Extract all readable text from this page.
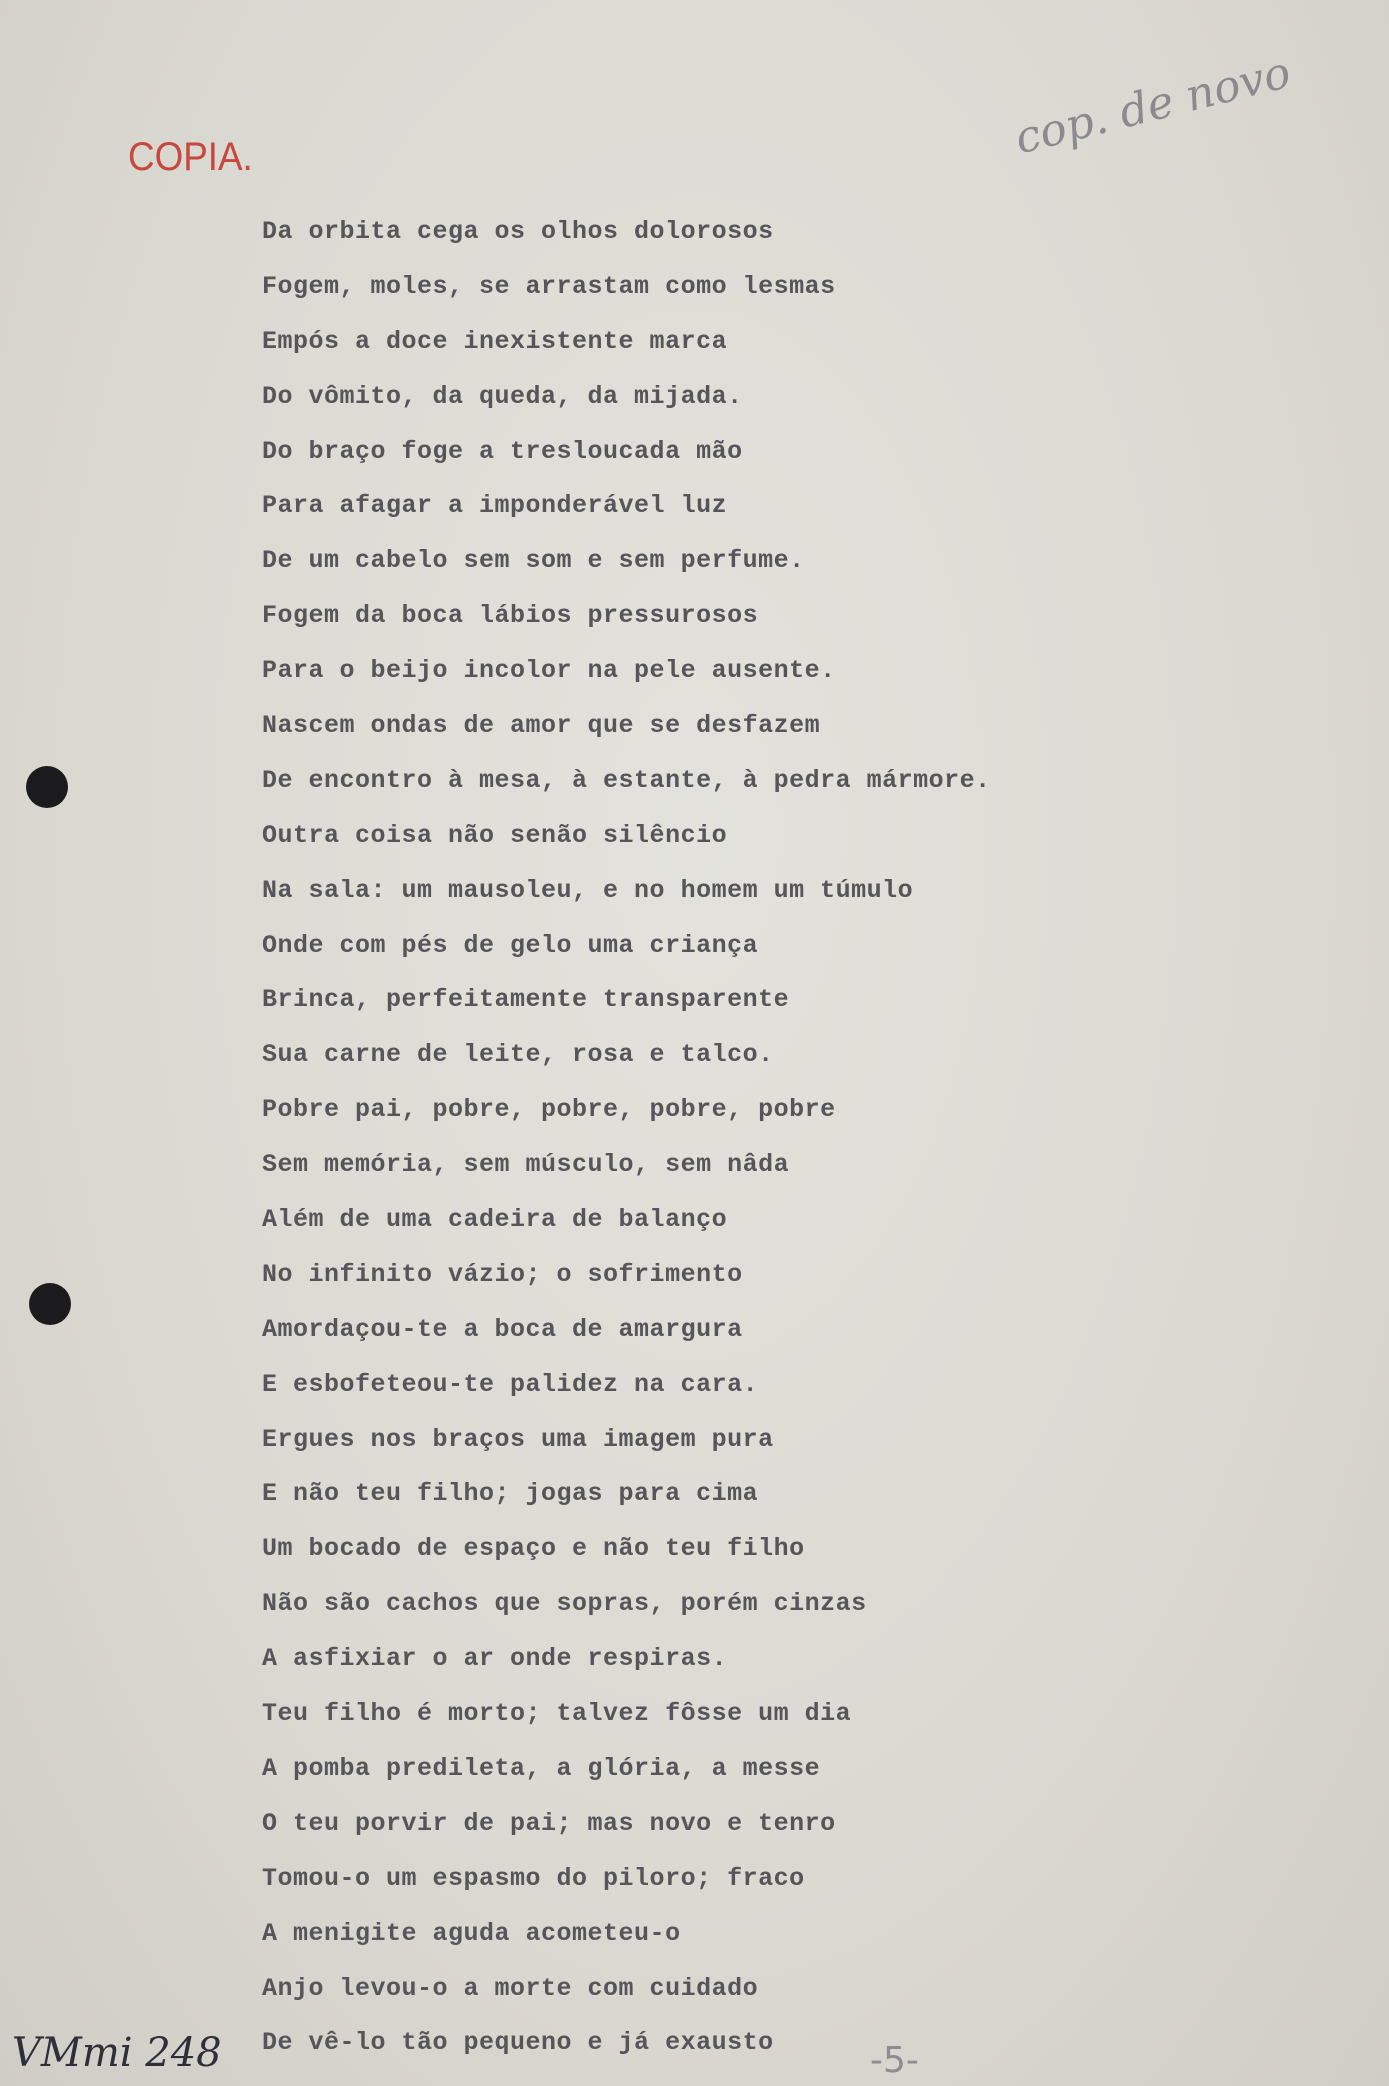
COPIA.	cop. de novo
Da orbita cega os olhos dolorosos
Fogem, moles, se arrastam como lesmas
Empós a doce inexistente marca
Do vômito, da queda, da mijada.
Do braço foge a tresloucada mão
Para afagar a imponderável luz
De um cabelo sem som e sem perfume.
Fogem da boca lábios pressurosos
Para o beijo incolor na pele ausente.
Nascem ondas de amor que se desfazem
De encontro à mesa, à estante, à pedra mármore.
Outra coisa não senão silêncio
Na sala: um mausoleu, e no homem um túmulo
Onde com pés de gelo uma criança
Brinca, perfeitamente transparente
Sua carne de leite, rosa e talco.
Pobre pai, pobre, pobre, pobre, pobre
Sem memória, sem músculo, sem nâda
Além de uma cadeira de balanço
No infinito vázio; o sofrimento
Amordaçou-te a boca de amargura
E esbofeteou-te palidez na cara.
Ergues nos braços uma imagem pura
E não teu filho; jogas para cima
Um bocado de espaço e não teu filho
Não são cachos que sopras, porém cinzas
A asfixiar o ar onde respiras.
Teu filho é morto; talvez fôsse um dia
A pomba predileta, a glória, a messe
O teu porvir de pai; mas novo e tenro
Tomou-o um espasmo do piloro; fraco
A menigite aguda acometeu-o
Anjo levou-o a morte com cuidado
De vê-lo tão pequeno e já exausto
VMmi 248	-5-
